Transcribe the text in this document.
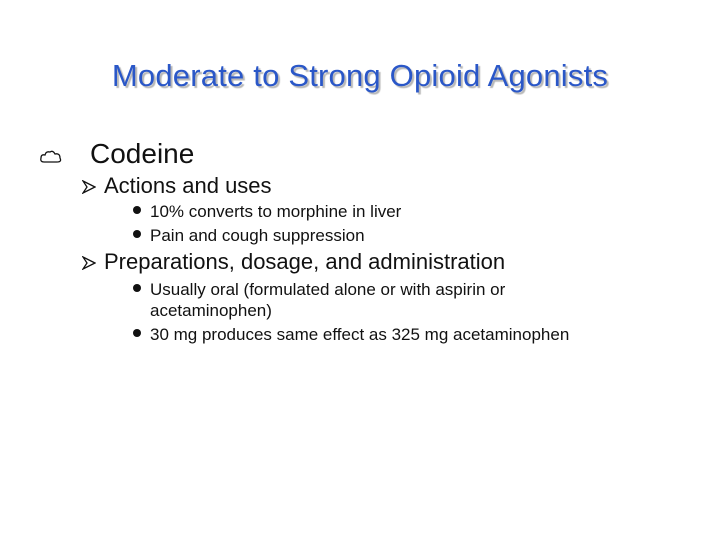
Moderate to Strong Opioid Agonists
Codeine
Actions and uses
10% converts to morphine in liver
Pain and cough suppression
Preparations, dosage, and administration
Usually oral (formulated alone or with aspirin or acetaminophen)
30 mg produces same effect as 325 mg acetaminophen
